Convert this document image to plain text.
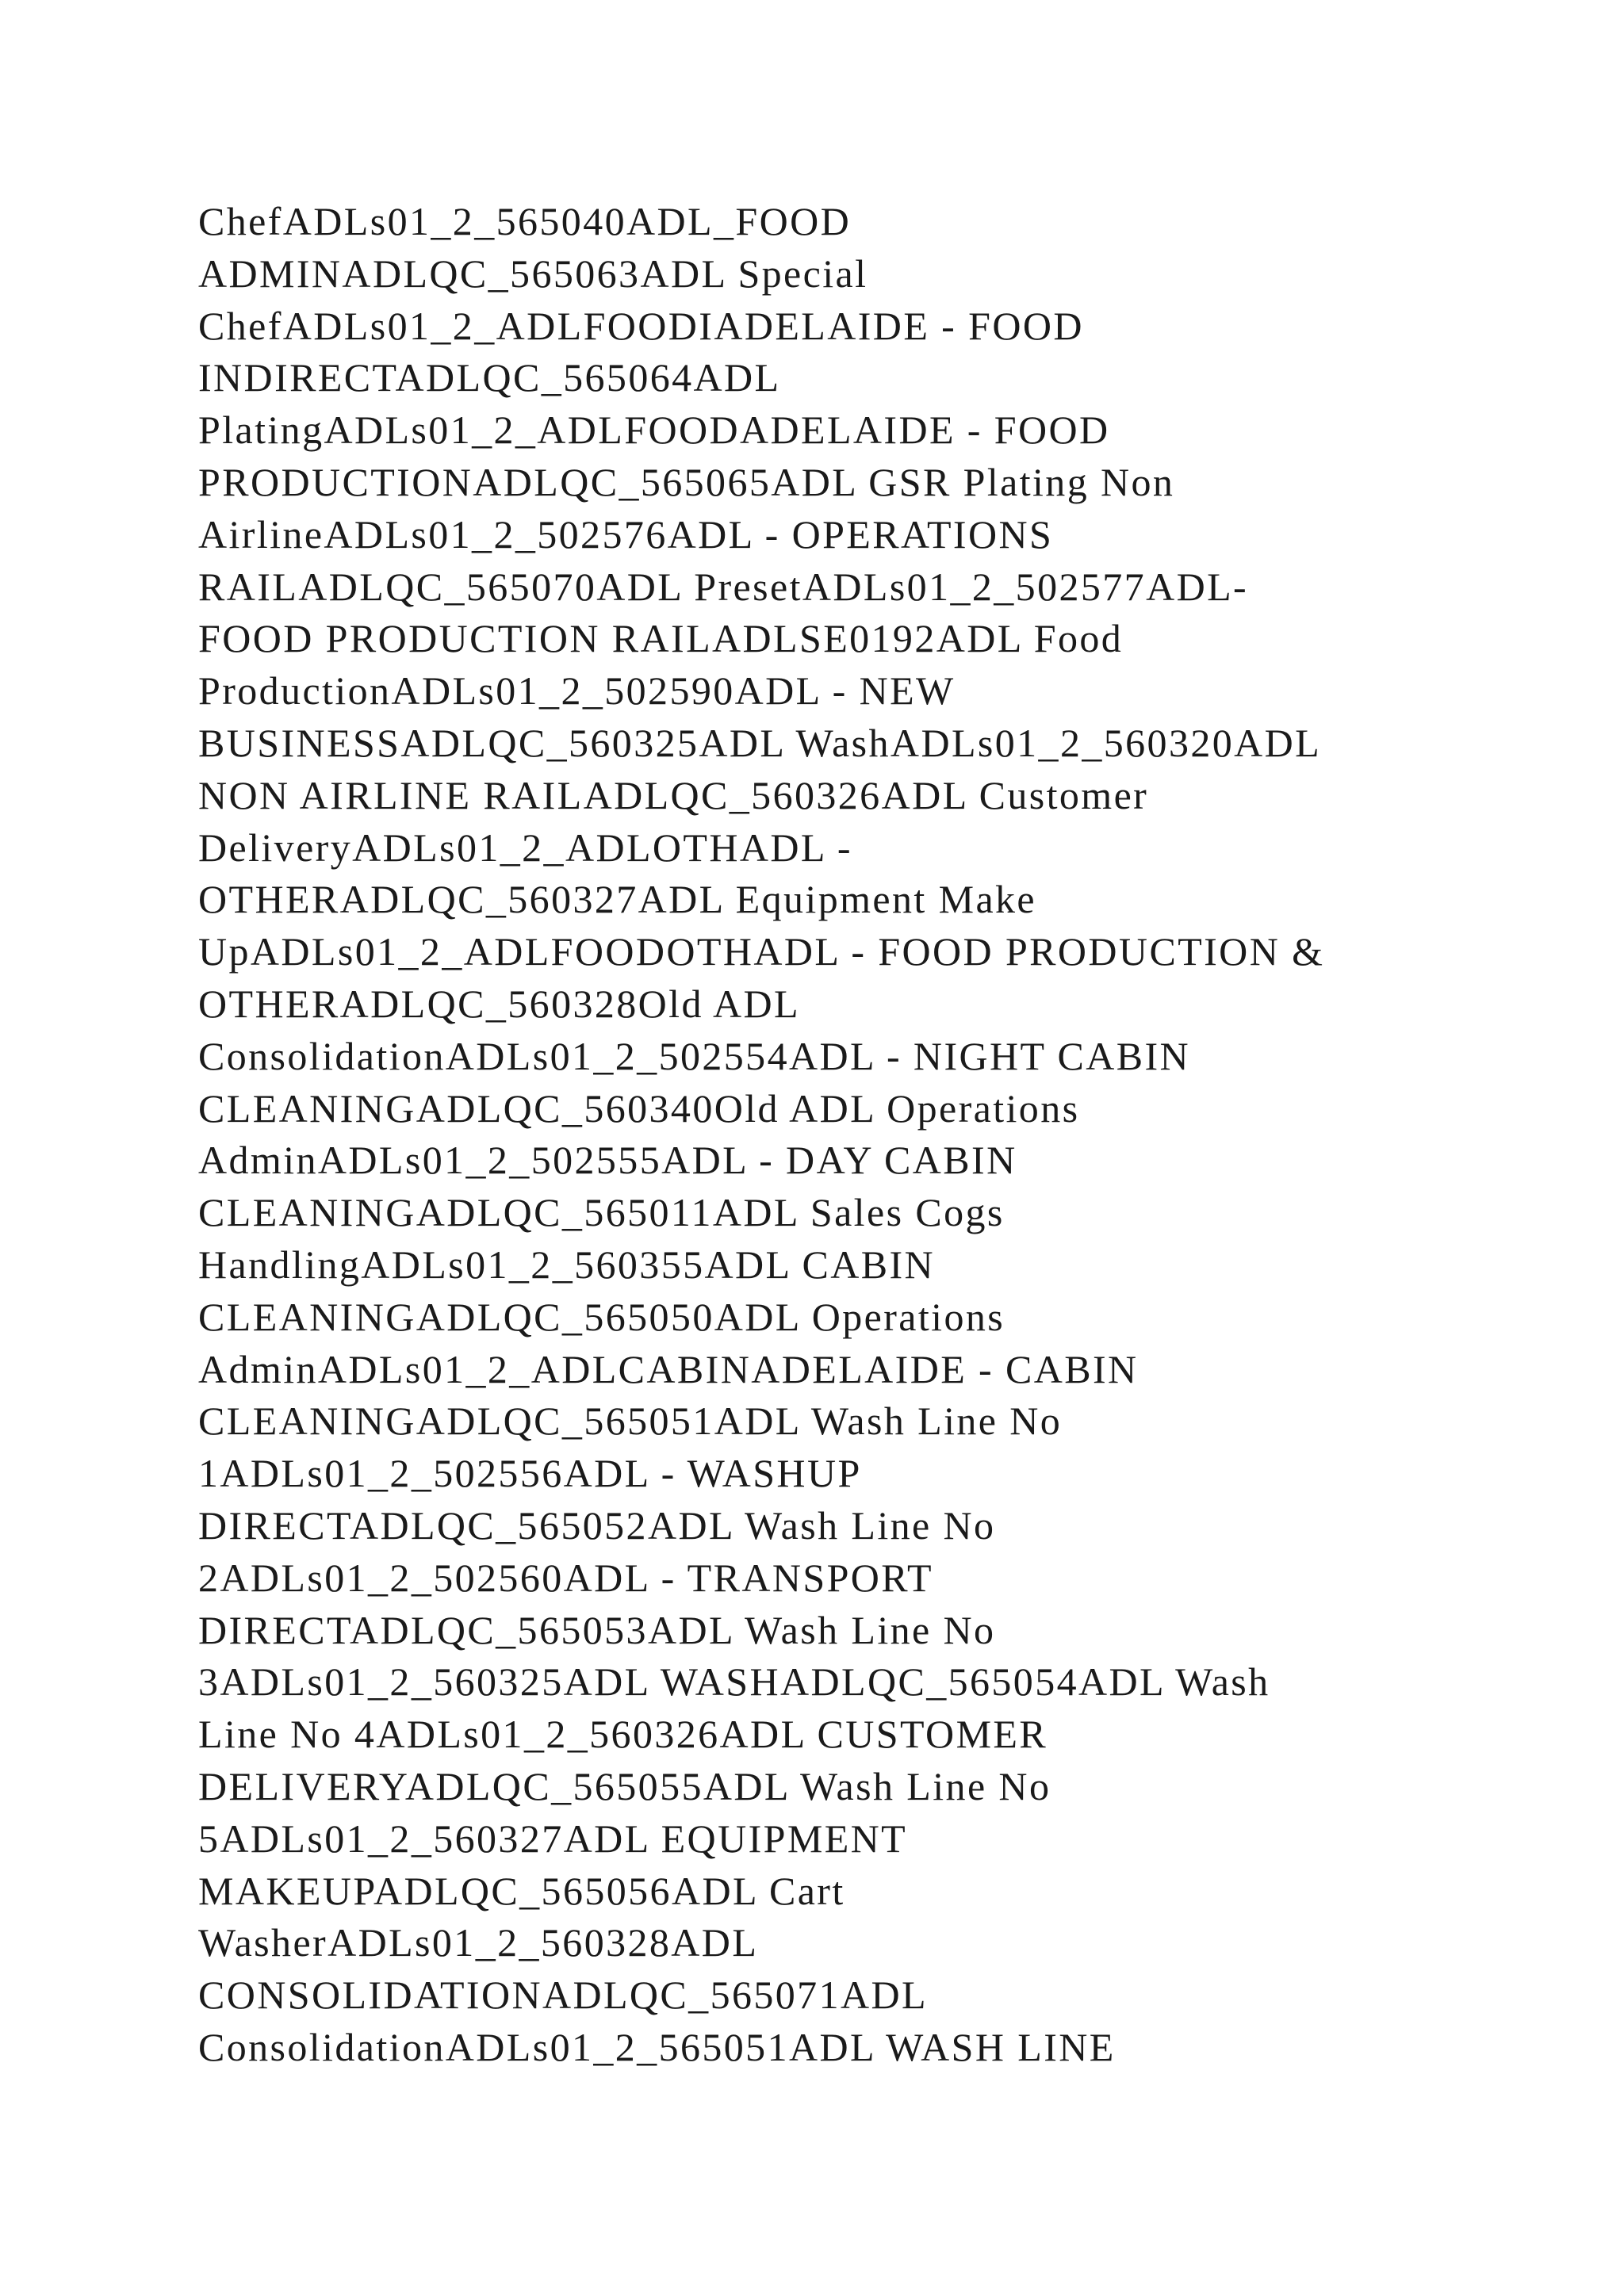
ChefADLs01_2_565040ADL_FOOD
ADMINADLQC_565063ADL Special
ChefADLs01_2_ADLFOODIADELAIDE - FOOD
INDIRECTADLQC_565064ADL
PlatingADLs01_2_ADLFOODADELAIDE - FOOD
PRODUCTIONADLQC_565065ADL GSR Plating Non
AirlineADLs01_2_502576ADL - OPERATIONS
RAILADLQC_565070ADL PresetADLs01_2_502577ADL-
FOOD PRODUCTION RAILADLSE0192ADL Food
ProductionADLs01_2_502590ADL - NEW
BUSINESSADLQC_560325ADL WashADLs01_2_560320ADL
NON AIRLINE RAILADLQC_560326ADL Customer
DeliveryADLs01_2_ADLOTHADL -
OTHERADLQC_560327ADL Equipment Make
UpADLs01_2_ADLFOODOTHADL - FOOD PRODUCTION &
OTHERADLQC_560328Old ADL
ConsolidationADLs01_2_502554ADL - NIGHT CABIN
CLEANINGADLQC_560340Old ADL Operations
AdminADLs01_2_502555ADL - DAY CABIN
CLEANINGADLQC_565011ADL Sales Cogs
HandlingADLs01_2_560355ADL CABIN
CLEANINGADLQC_565050ADL Operations
AdminADLs01_2_ADLCABINADELAIDE - CABIN
CLEANINGADLQC_565051ADL Wash Line No
1ADLs01_2_502556ADL - WASHUP
DIRECTADLQC_565052ADL Wash Line No
2ADLs01_2_502560ADL - TRANSPORT
DIRECTADLQC_565053ADL Wash Line No
3ADLs01_2_560325ADL WASHADLQC_565054ADL Wash
Line No 4ADLs01_2_560326ADL CUSTOMER
DELIVERYADLQC_565055ADL Wash Line No
5ADLs01_2_560327ADL EQUIPMENT
MAKEUPADLQC_565056ADL Cart
WasherADLs01_2_560328ADL
CONSOLIDATIONADLQC_565071ADL
ConsolidationADLs01_2_565051ADL WASH LINE
